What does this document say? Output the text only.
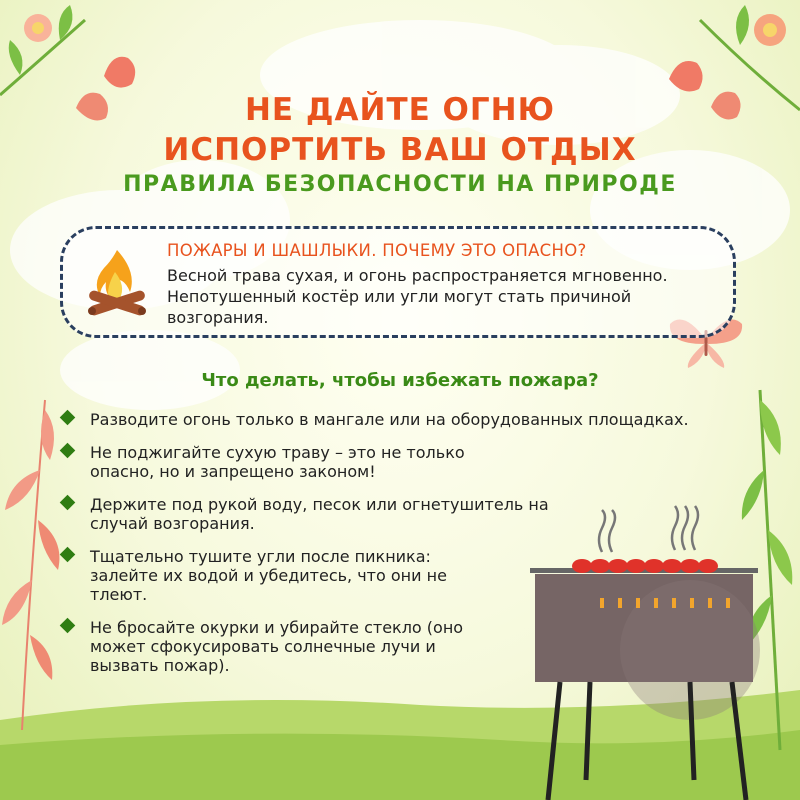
НЕ ДАЙТЕ ОГНЮ
ИСПОРТИТЬ ВАШ ОТДЫХ
ПРАВИЛА БЕЗОПАСНОСТИ НА ПРИРОДЕ
ПОЖАРЫ И ШАШЛЫКИ. ПОЧЕМУ ЭТО ОПАСНО?
Весной трава сухая, и огонь распространяется мгновенно. Непотушенный костёр или угли могут стать причиной возгорания.
Что делать, чтобы избежать пожара?
Разводите огонь только в мангале или на оборудованных площадках.
Не поджигайте сухую траву – это не только опасно, но и запрещено законом!
Держите под рукой воду, песок или огнетушитель на случай возгорания.
Тщательно тушите угли после пикника: залейте их водой и убедитесь, что они не тлеют.
Не бросайте окурки и убирайте стекло (оно может сфокусировать солнечные лучи и вызвать пожар).
